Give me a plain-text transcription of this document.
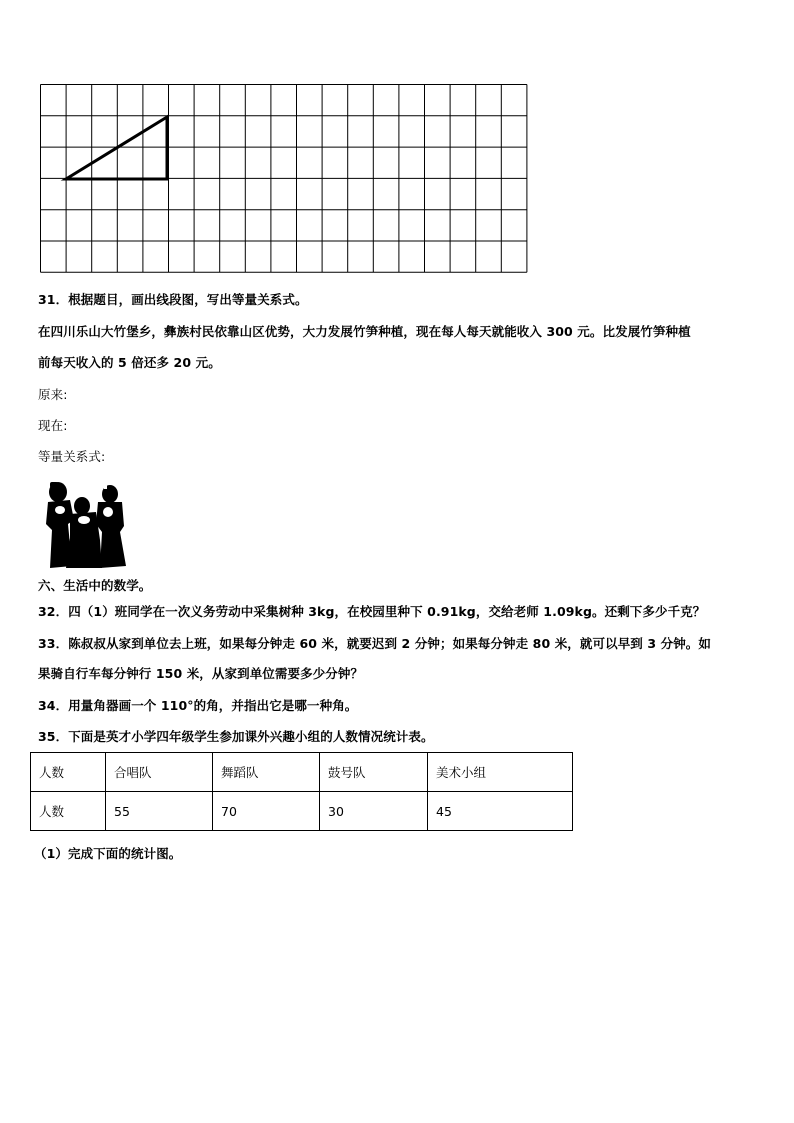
31．根据题目，画出线段图，写出等量关系式。
在四川乐山大竹堡乡，彝族村民依靠山区优势，大力发展竹笋种植，现在每人每天就能收入 300 元。比发展竹笋种植
前每天收入的 5 倍还多 20 元。
原来:
现在:
等量关系式:
六、生活中的数学。
32．四（1）班同学在一次义务劳动中采集树种 3kg，在校园里种下 0.91kg，交给老师 1.09kg。还剩下多少千克？
33．陈叔叔从家到单位去上班，如果每分钟走 60 米，就要迟到 2 分钟；如果每分钟走 80 米，就可以早到 3 分钟。如
果骑自行车每分钟行 150 米，从家到单位需要多少分钟？
34．用量角器画一个 110°的角，并指出它是哪一种角。
35．下面是英才小学四年级学生参加课外兴趣小组的人数情况统计表。
人数	合唱队	舞蹈队	鼓号队	美术小组
人数	55	70	30	45
（1）完成下面的统计图。
